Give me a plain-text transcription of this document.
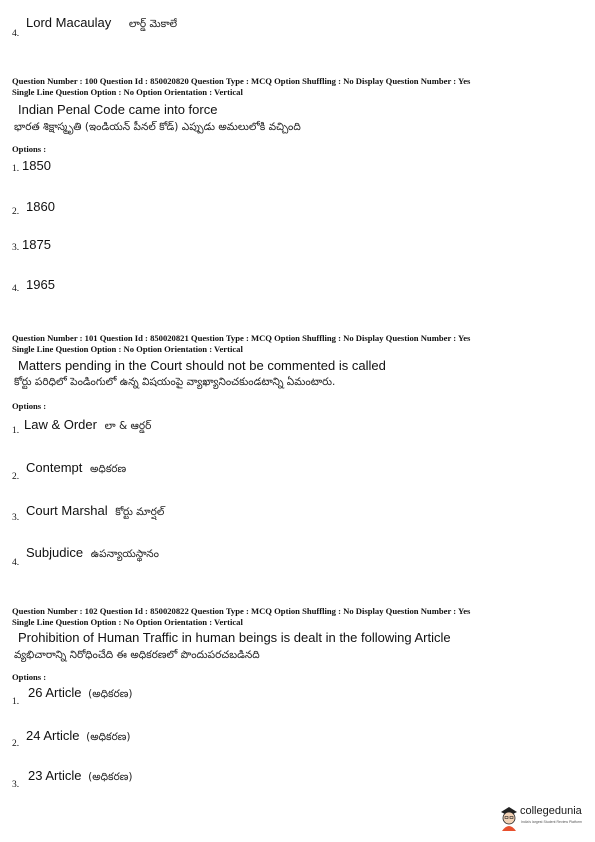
4.
Lord Macaulay లార్డ్ మెకాలే
Question Number : 100 Question Id : 850020820 Question Type : MCQ Option Shuffling : No Display Question Number : Yes
Single Line Question Option : No Option Orientation : Vertical
Indian Penal Code came into force
భారత శిక్షాస్మృతి (ఇండియన్ పీనల్ కోడ్) ఎప్పుడు అమలులోకి వచ్చింది
Options :
1. 1850
2. 1860
3. 1875
4. 1965
Question Number : 101 Question Id : 850020821 Question Type : MCQ Option Shuffling : No Display Question Number : Yes
Single Line Question Option : No Option Orientation : Vertical
Matters pending in the Court should not be commented is called
కోర్టు పరిధిలో పెండింగులో ఉన్న విషయంపై వ్యాఖ్యానించకుండటాన్ని ఏమంటారు.
Options :
1. Law & Order లా & ఆర్డర్
2.
Contempt అధికరణ
3. Court Marshal కోర్టు మార్షల్
4.
Subjudice ఉపన్యాయస్థానం
Question Number : 102 Question Id : 850020822 Question Type : MCQ Option Shuffling : No Display Question Number : Yes
Single Line Question Option : No Option Orientation : Vertical
Prohibition of Human Traffic in human beings is dealt in the following Article
వ్యభిచారాన్ని నిరోధించేది ఈ అధికరణలో పొందుపరచబడినది
Options :
1.
26 Article (అధికరణ)
2.
24 Article (అధికరణ)
3.
23 Article (అధికరణ)
collegedunia
India's largest Student Review Platform
